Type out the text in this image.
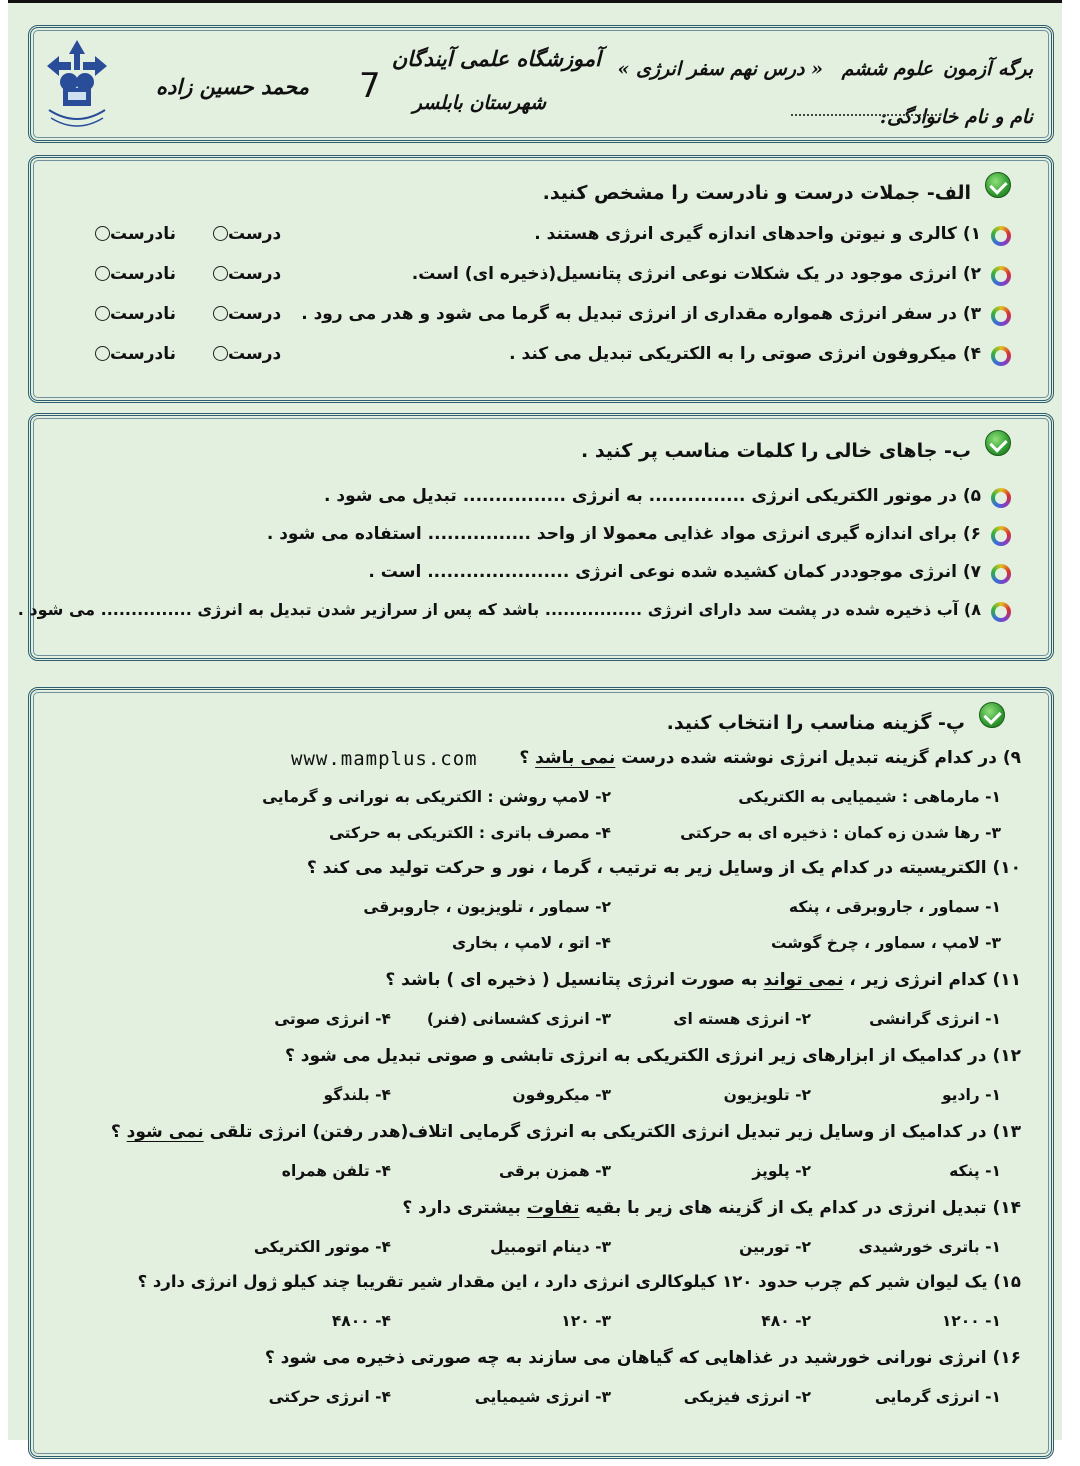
برگه آزمون
علوم ششم
« درس نهم سفر انرژی »
نام و نام خانوادگی:
آموزشگاه علمی آیندگان
شهرستان بابلسر
7
محمد حسین زاده
الف- جملات درست و نادرست را مشخص کنید.
۱) کالری و نیوتن واحدهای اندازه گیری انرژی هستند .
درست
نادرست
۲) انرژی موجود در یک شکلات نوعی انرژی پتانسیل(ذخیره ای) است.
درست
نادرست
۳) در سفر انرژی همواره مقداری از انرژی تبدیل به گرما می شود و هدر می رود .
درست
نادرست
۴) میکروفون انرژی صوتی را به الکتریکی تبدیل می کند .
درست
نادرست
ب- جاهای خالی را کلمات مناسب پر کنید .
۵) در موتور الکتریکی انرژی ............... به انرژی ................ تبدیل می شود .
۶) برای اندازه گیری انرژی مواد غذایی معمولا از واحد ................ استفاده می شود .
۷) انرژی موجوددر کمان کشیده شده نوعی انرژی ...................... است .
۸) آب ذخیره شده در پشت سد دارای انرژی ................ باشد که پس از سرازیر شدن تبدیل به انرژی ............... می شود .
پ- گزینه مناسب را انتخاب کنید.
www.mamplus.com	۹) در کدام گزینه تبدیل انرژی نوشته شده درست نمی باشد ؟
۱- مارماهی : شیمیایی به الکتریکی
۲- لامپ روشن : الکتریکی به نورانی و گرمایی
۳- رها شدن زه کمان : ذخیره ای به حرکتی
۴- مصرف باتری : الکتریکی به حرکتی
۱۰) الکتریسیته در کدام یک از وسایل زیر به ترتیب ، گرما ، نور و حرکت تولید می کند ؟
۱- سماور ، جاروبرقی ، پنکه
۲- سماور ، تلویزیون ، جاروبرقی
۳- لامپ ، سماور ، چرخ گوشت
۴- اتو ، لامپ ، بخاری
۱۱) کدام انرژی زیر ، نمی تواند به صورت انرژی پتانسیل ( ذخیره ای ) باشد ؟
۱- انرژی گرانشی
۲- انرژی هسته ای
۳- انرژی کشسانی (فنر)
۴- انرژی صوتی
۱۲) در کدامیک از ابزارهای زیر انرژی الکتریکی به انرژی تابشی و صوتی تبدیل می شود ؟
۱- رادیو
۲- تلویزیون
۳- میکروفون
۴- بلندگو
۱۳) در کدامیک از وسایل زیر تبدیل انرژی الکتریکی به انرژی گرمایی اتلاف(هدر رفتن) انرژی تلقی نمی شود ؟
۱- پنکه
۲- پلوپز
۳- همزن برقی
۴- تلفن همراه
۱۴) تبدیل انرژی در کدام یک از گزینه های زیر با بقیه تفاوت بیشتری دارد ؟
۱- باتری خورشیدی
۲- توربین
۳- دینام اتومبیل
۴- موتور الکتریکی
۱۵) یک لیوان شیر کم چرب حدود ۱۲۰ کیلوکالری انرژی دارد ، این مقدار شیر تقریبا چند کیلو ژول انرژی دارد ؟
۱- ۱۲۰۰
۲- ۴۸۰
۳- ۱۲۰
۴- ۴۸۰۰
۱۶) انرژی نورانی خورشید در غذاهایی که گیاهان می سازند به چه صورتی ذخیره می شود ؟
۱- انرژی گرمایی
۲- انرژی فیزیکی
۳- انرژی شیمیایی
۴- انرژی حرکتی
